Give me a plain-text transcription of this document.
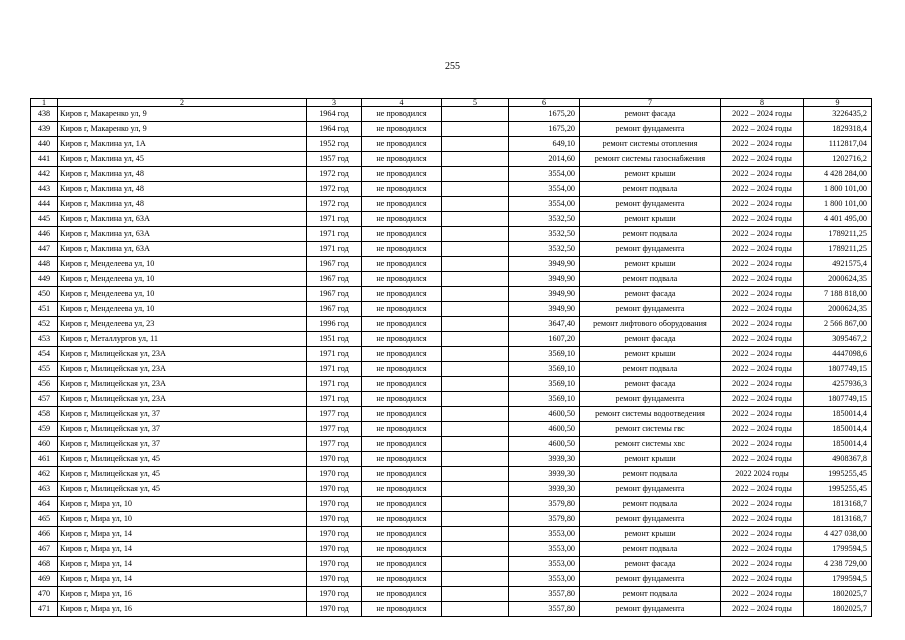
255
1	2	3	4	5	6	7	8	9
438	Киров г, Макаренко ул, 9	1964 год	не проводился		1675,20	ремонт фасада	2022 – 2024 годы	3226435,2
439	Киров г, Макаренко ул, 9	1964 год	не проводился		1675,20	ремонт фундамента	2022 – 2024 годы	1829318,4
440	Киров г, Маклина ул, 1А	1952 год	не проводился		649,10	ремонт системы отопления	2022 – 2024 годы	1112817,04
441	Киров г, Маклина ул, 45	1957 год	не проводился		2014,60	ремонт системы газоснабжения	2022 – 2024 годы	1202716,2
442	Киров г, Маклина ул, 48	1972 год	не проводился		3554,00	ремонт крыши	2022 – 2024 годы	4 428 284,00
443	Киров г, Маклина ул, 48	1972 год	не проводился		3554,00	ремонт подвала	2022 – 2024 годы	1 800 101,00
444	Киров г, Маклина ул, 48	1972 год	не проводился		3554,00	ремонт фундамента	2022 – 2024 годы	1 800 101,00
445	Киров г, Маклина ул, 63А	1971 год	не проводился		3532,50	ремонт крыши	2022 – 2024 годы	4 401 495,00
446	Киров г, Маклина ул, 63А	1971 год	не проводился		3532,50	ремонт подвала	2022 – 2024 годы	1789211,25
447	Киров г, Маклина ул, 63А	1971 год	не проводился		3532,50	ремонт фундамента	2022 – 2024 годы	1789211,25
448	Киров г, Менделеева ул, 10	1967 год	не проводился		3949,90	ремонт крыши	2022 – 2024 годы	4921575,4
449	Киров г, Менделеева ул, 10	1967 год	не проводился		3949,90	ремонт подвала	2022 – 2024 годы	2000624,35
450	Киров г, Менделеева ул, 10	1967 год	не проводился		3949,90	ремонт фасада	2022 – 2024 годы	7 188 818,00
451	Киров г, Менделеева ул, 10	1967 год	не проводился		3949,90	ремонт фундамента	2022 – 2024 годы	2000624,35
452	Киров г, Менделеева ул, 23	1996 год	не проводился		3647,40	ремонт лифтового оборудования	2022 – 2024 годы	2 566 867,00
453	Киров г, Металлургов ул, 11	1951 год	не проводился		1607,20	ремонт фасада	2022 – 2024 годы	3095467,2
454	Киров г, Милицейская ул, 23А	1971 год	не проводился		3569,10	ремонт крыши	2022 – 2024 годы	4447098,6
455	Киров г, Милицейская ул, 23А	1971 год	не проводился		3569,10	ремонт подвала	2022 – 2024 годы	1807749,15
456	Киров г, Милицейская ул, 23А	1971 год	не проводился		3569,10	ремонт фасада	2022 – 2024 годы	4257936,3
457	Киров г, Милицейская ул, 23А	1971 год	не проводился		3569,10	ремонт фундамента	2022 – 2024 годы	1807749,15
458	Киров г, Милицейская ул, 37	1977 год	не проводился		4600,50	ремонт системы водоотведения	2022 – 2024 годы	1850014,4
459	Киров г, Милицейская ул, 37	1977 год	не проводился		4600,50	ремонт системы гвс	2022 – 2024 годы	1850014,4
460	Киров г, Милицейская ул, 37	1977 год	не проводился		4600,50	ремонт системы хвс	2022 – 2024 годы	1850014,4
461	Киров г, Милицейская ул, 45	1970 год	не проводился		3939,30	ремонт крыши	2022 – 2024 годы	4908367,8
462	Киров г, Милицейская ул, 45	1970 год	не проводился		3939,30	ремонт подвала	2022 2024 годы	1995255,45
463	Киров г, Милицейская ул, 45	1970 год	не проводился		3939,30	ремонт фундамента	2022 – 2024 годы	1995255,45
464	Киров г, Мира ул, 10	1970 год	не проводился		3579,80	ремонт подвала	2022 – 2024 годы	1813168,7
465	Киров г, Мира ул, 10	1970 год	не проводился		3579,80	ремонт фундамента	2022 – 2024 годы	1813168,7
466	Киров г, Мира ул, 14	1970 год	не проводился		3553,00	ремонт крыши	2022 – 2024 годы	4 427 038,00
467	Киров г, Мира ул, 14	1970 год	не проводился		3553,00	ремонт подвала	2022 – 2024 годы	1799594,5
468	Киров г, Мира ул, 14	1970 год	не проводился		3553,00	ремонт фасада	2022 – 2024 годы	4 238 729,00
469	Киров г, Мира ул, 14	1970 год	не проводился		3553,00	ремонт фундамента	2022 – 2024 годы	1799594,5
470	Киров г, Мира ул, 16	1970 год	не проводился		3557,80	ремонт подвала	2022 – 2024 годы	1802025,7
471	Киров г, Мира ул, 16	1970 год	не проводился		3557,80	ремонт фундамента	2022 – 2024 годы	1802025,7
